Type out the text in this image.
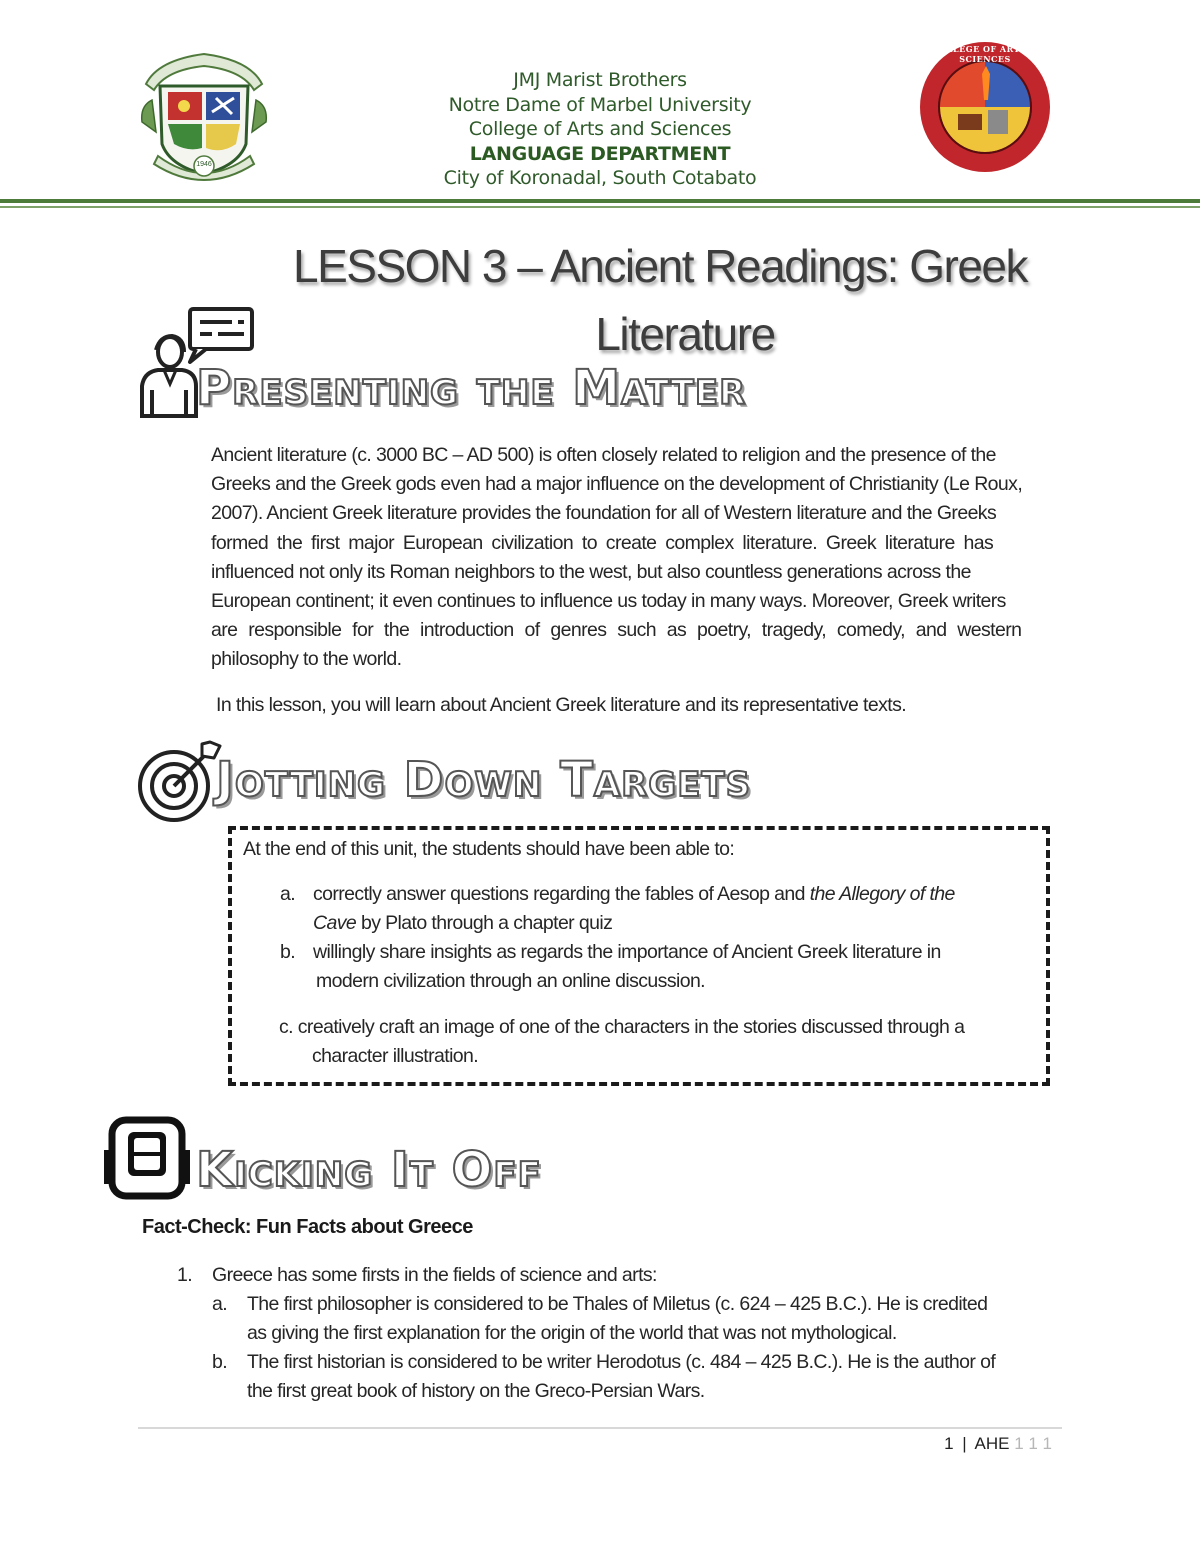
1946
JMJ Marist Brothers
Notre Dame of Marbel University
College of Arts and Sciences
LANGUAGE DEPARTMENT
City of Koronadal, South Cotabato
COLLEGE OF ARTS & SCIENCES
LESSON 3 – Ancient Readings: Greek
Literature
Presenting the Matter
Ancient literature (c. 3000 BC – AD 500) is often closely related to religion and the presence of the
Greeks and the Greek gods even had a major influence on the development of Christianity (Le Roux,
2007). Ancient Greek literature provides the foundation for all of Western literature and the Greeks
formed the first major European civilization to create complex literature. Greek literature has
influenced not only its Roman neighbors to the west, but also countless generations across the
European continent; it even continues to influence us today in many ways. Moreover, Greek writers
are responsible for the introduction of genres such as poetry, tragedy, comedy, and western
philosophy to the world.
In this lesson, you will learn about Ancient Greek literature and its representative texts.
Jotting Down Targets
At the end of this unit, the students should have been able to:
a. correctly answer questions regarding the fables of Aesop and the Allegory of the
Cave by Plato through a chapter quiz
b. willingly share insights as regards the importance of Ancient Greek literature in
modern civilization through an online discussion.
c. creatively craft an image of one of the characters in the stories discussed through a
character illustration.
Kicking It Off
Fact-Check: Fun Facts about Greece
1. Greece has some firsts in the fields of science and arts:
a. The first philosopher is considered to be Thales of Miletus (c. 624 – 425 B.C.). He is credited
as giving the first explanation for the origin of the world that was not mythological.
b. The first historian is considered to be writer Herodotus (c. 484 – 425 B.C.). He is the author of
the first great book of history on the Greco-Persian Wars.
1 | AHE 1 1 1
